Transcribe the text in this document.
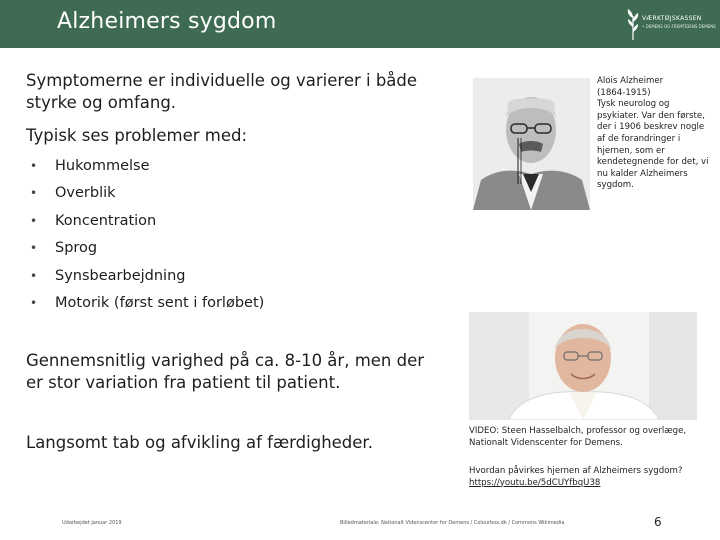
Alzheimers sygdom	VÆRKTØJSKASSEN
• DEMENS OG FREMTIDENS DEMENS
Symptomerne er individuelle og varierer i både styrke og omfang.
Typisk ses problemer med:
•	Hukommelse
•	Overblik
•	Koncentration
•	Sprog
•	Synsbearbejdning
•	Motorik (først sent i forløbet)
Gennemsnitlig varighed på ca. 8-10 år, men der er stor variation fra patient til patient.
Langsomt tab og afvikling af færdigheder.
Alois Alzheimer
(1864-1915)
Tysk neurolog og psykiater. Var den første, der i 1906 beskrev nogle af de forandringer i hjernen, som er kendetegnende for det, vi nu kalder Alzheimers sygdom.
VIDEO: Steen Hasselbalch, professor og overlæge, Nationalt Videnscenter for Demens.
Hvordan påvirkes hjernen af Alzheimers sygdom?
https://youtu.be/5dCUYfbqU38
Udarbejdet januar 2019	Billedmateriale: Nationalt Videnscenter for Demens / Colourbox.dk / Commons Wikimedia	6
